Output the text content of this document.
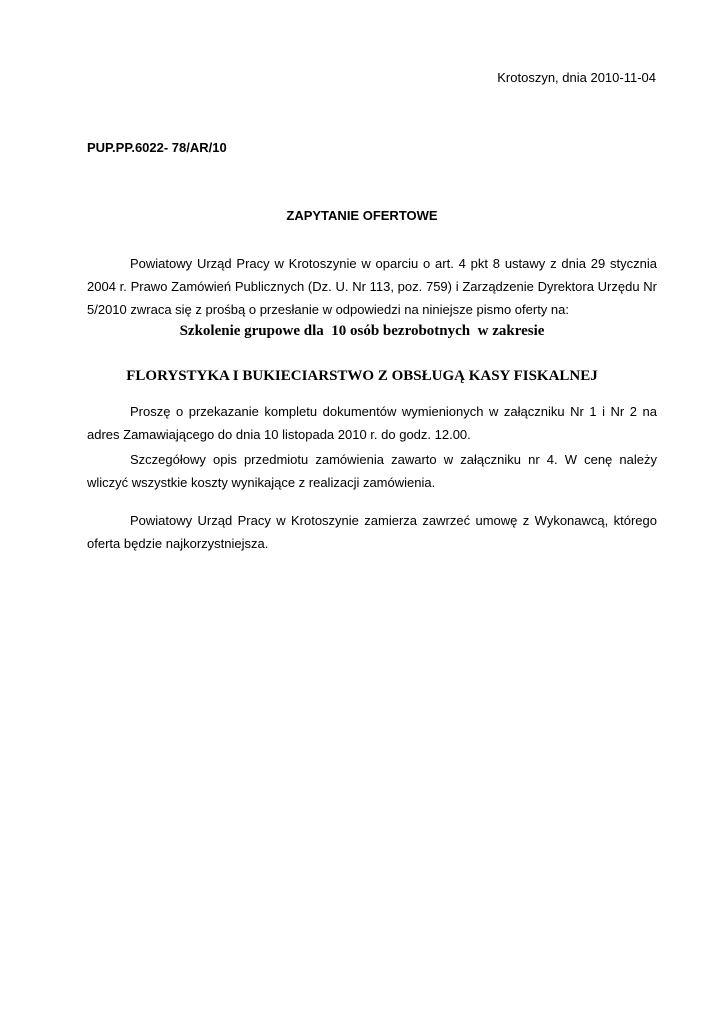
Krotoszyn, dnia 2010-11-04
PUP.PP.6022- 78/AR/10
ZAPYTANIE OFERTOWE
Powiatowy Urząd Pracy w Krotoszynie w oparciu o art. 4 pkt 8 ustawy z dnia 29 stycznia 2004 r. Prawo Zamówień Publicznych (Dz. U. Nr 113, poz. 759) i Zarządzenie Dyrektora Urzędu Nr 5/2010 zwraca się z prośbą o przesłanie w odpowiedzi na niniejsze pismo oferty na:
Szkolenie grupowe dla  10 osób bezrobotnych  w zakresie
FLORYSTYKA I BUKIECIARSTWO Z OBSŁUGĄ KASY FISKALNEJ
Proszę o przekazanie kompletu dokumentów wymienionych w załączniku Nr 1 i Nr 2 na adres Zamawiającego do dnia 10 listopada 2010 r. do godz. 12.00.
Szczegółowy opis przedmiotu zamówienia zawarto w załączniku nr 4. W cenę należy wliczyć wszystkie koszty wynikające z realizacji zamówienia.
Powiatowy Urząd Pracy w Krotoszynie zamierza zawrzeć umowę z Wykonawcą, którego oferta będzie najkorzystniejsza.
